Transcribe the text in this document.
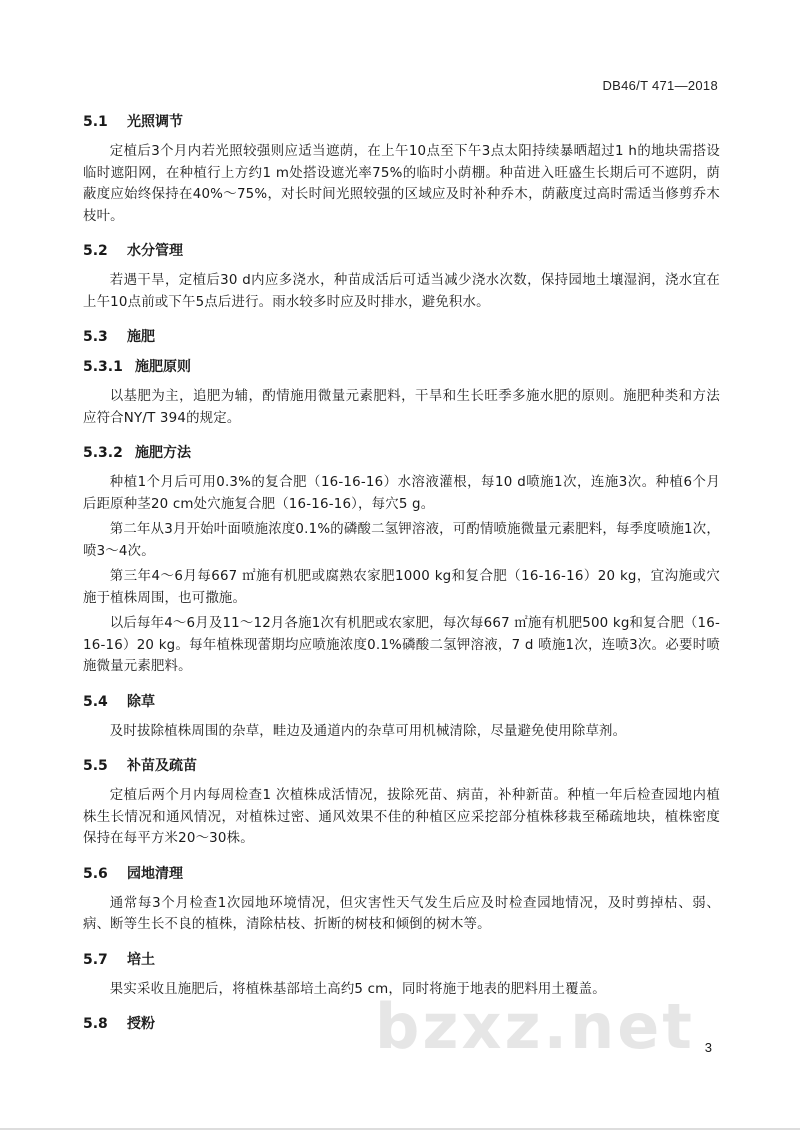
DB46/T 471—2018
5.1 光照调节

定植后3个月内若光照较强则应适当遮荫，在上午10点至下午3点太阳持续暴晒超过1 h的地块需搭设临时遮阳网，在种植行上方约1 m处搭设遮光率75%的临时小荫棚。种苗进入旺盛生长期后可不遮阴，荫蔽度应始终保持在40%～75%，对长时间光照较强的区域应及时补种乔木，荫蔽度过高时需适当修剪乔木枝叶。

5.2 水分管理

若遇干旱，定植后30 d内应多浇水，种苗成活后可适当减少浇水次数，保持园地土壤湿润，浇水宜在上午10点前或下午5点后进行。雨水较多时应及时排水，避免积水。

5.3 施肥
5.3.1 施肥原则

以基肥为主，追肥为辅，酌情施用微量元素肥料，干旱和生长旺季多施水肥的原则。施肥种类和方法应符合NY/T 394的规定。

5.3.2 施肥方法

种植1个月后可用0.3%的复合肥（16-16-16）水溶液灌根，每10 d喷施1次，连施3次。种植6个月后距原种茎20 cm处穴施复合肥（16-16-16），每穴5 g。

第二年从3月开始叶面喷施浓度0.1%的磷酸二氢钾溶液，可酌情喷施微量元素肥料，每季度喷施1次，喷3～4次。

第三年4～6月每667 ㎡施有机肥或腐熟农家肥1000 kg和复合肥（16-16-16）20 kg，宜沟施或穴施于植株周围，也可撒施。

以后每年4～6月及11～12月各施1次有机肥或农家肥，每次每667 ㎡施有机肥500 kg和复合肥（16-16-16）20 kg。每年植株现蕾期均应喷施浓度0.1%磷酸二氢钾溶液，7 d 喷施1次，连喷3次。必要时喷施微量元素肥料。

5.4 除草

及时拔除植株周围的杂草，畦边及通道内的杂草可用机械清除，尽量避免使用除草剂。

5.5 补苗及疏苗

定植后两个月内每周检查1 次植株成活情况，拔除死苗、病苗，补种新苗。种植一年后检查园地内植株生长情况和通风情况，对植株过密、通风效果不佳的种植区应采挖部分植株移栽至稀疏地块，植株密度保持在每平方米20～30株。

5.6 园地清理

通常每3个月检查1次园地环境情况，但灾害性天气发生后应及时检查园地情况，及时剪掉枯、弱、病、断等生长不良的植株，清除枯枝、折断的树枝和倾倒的树木等。

5.7 培土

果实采收且施肥后，将植株基部培土高约5 cm，同时将施于地表的肥料用土覆盖。

5.8 授粉	bzxz.net 3
